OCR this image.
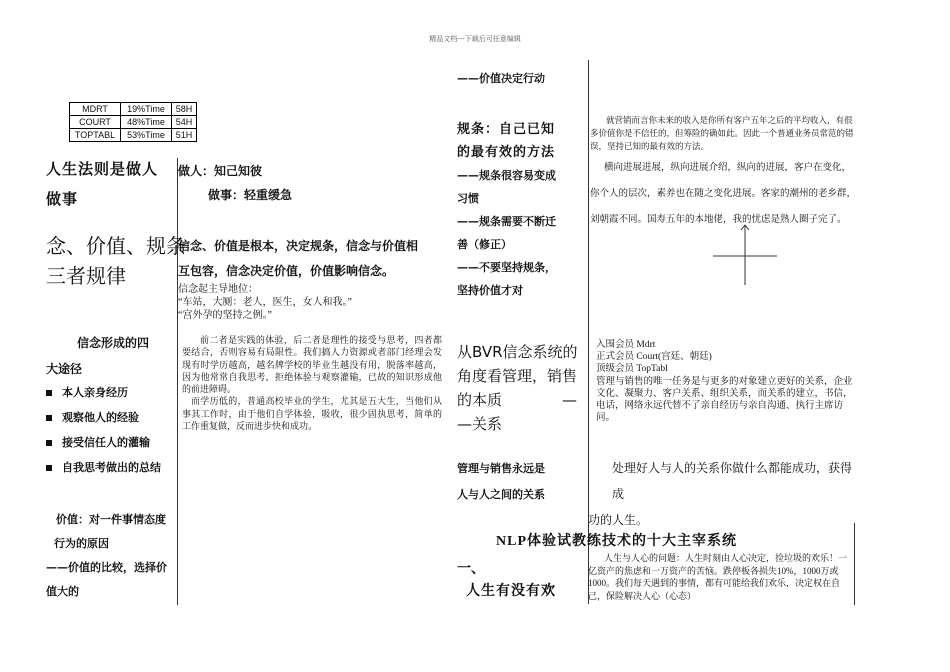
精品文档---下载后可任意编辑
MDRT	19%Time	58H
COURT	48%Time	54H
TOPTABL	53%Time	51H
人生法则是做人
做事
念、价值、规条
三者规律
信念形成的四
大途径
本人亲身经历
观察他人的经验
接受信任人的灌输
自我思考做出的总结
价值：对一件事情态度
行为的原因
——价值的比较，选择价
值大的
做人：知己知彼
做事：轻重缓急
信念、价值是根本，决定规条，信念与价值相
互包容，信念决定价值，价值影响信念。
信念起主导地位：
“车站，大厕：老人，医生，女人和我。”
“宫外孕的坚持之例。”

前二者是实践的体验，后二者是理性的接受与思考，四者都要结合，否则容易有局限性。我们搞人力资源或者部门经理会发现有时学历越高，越名牌学校的毕业生越没有用，脱落率越高，因为他常常自我思考，拒绝体验与观察灌输，已故的知识形成他的前进障碍。

而学历低的，普通高校毕业的学生，尤其是五大生，当他们从事其工作时，由于他们自学体验，吸收，很少固执思考，简单的工作重复做，反而进步快和成功。

——价值决定行动
规条：自己已知
的最有效的方法
——规条很容易变成
习惯
——规条需要不断迁
善（修正）
——不要坚持规条，
坚持价值才对
从BVR信念系统的
角度看管理，销售
的本质	—
—关系
管理与销售永远是
人与人之间的关系
一、
人生有没有欢
就营销而言你未来的收入是你所有客户五年之后的平均收入，有很多价值你是不信任的，但筹险的确如此。因此一个普通业务员常范的错误，坚持已知的最有效的方法。
横向进展进展，纵向进展介绍，纵向的进展，客户在变化，你个人的层次，素养也在随之变化进展。客家的潮州的老乡群，刘朝霞不同。国寿五年的本地佬，我的忧虑是熟人圈子完了。
入围会员 Mdrt
正式会员 Court(宫廷、朝廷)
顶级会员 TopTabl
管理与销售的唯一任务是与更多的对象建立更好的关系，企业文化、凝聚力、客户关系、组织关系，而关系的建立，书信，电话，网络永远代替不了亲自经历与亲自沟通、执行主席访问。
处理好人与人的关系你做什么都能成功，获得成
功的人生。
NLP体验试教练技术的十大主宰系统
人生与人心的问题：人生时刻由人心决定，捡垃圾的欢乐！一亿资产的焦虑和一万资产的苦恼。跌停板各损失10%，1000万或1000。我们每天遇到的事情，都有可能给我们欢乐，决定权在自己，保险解决人心（心态）
